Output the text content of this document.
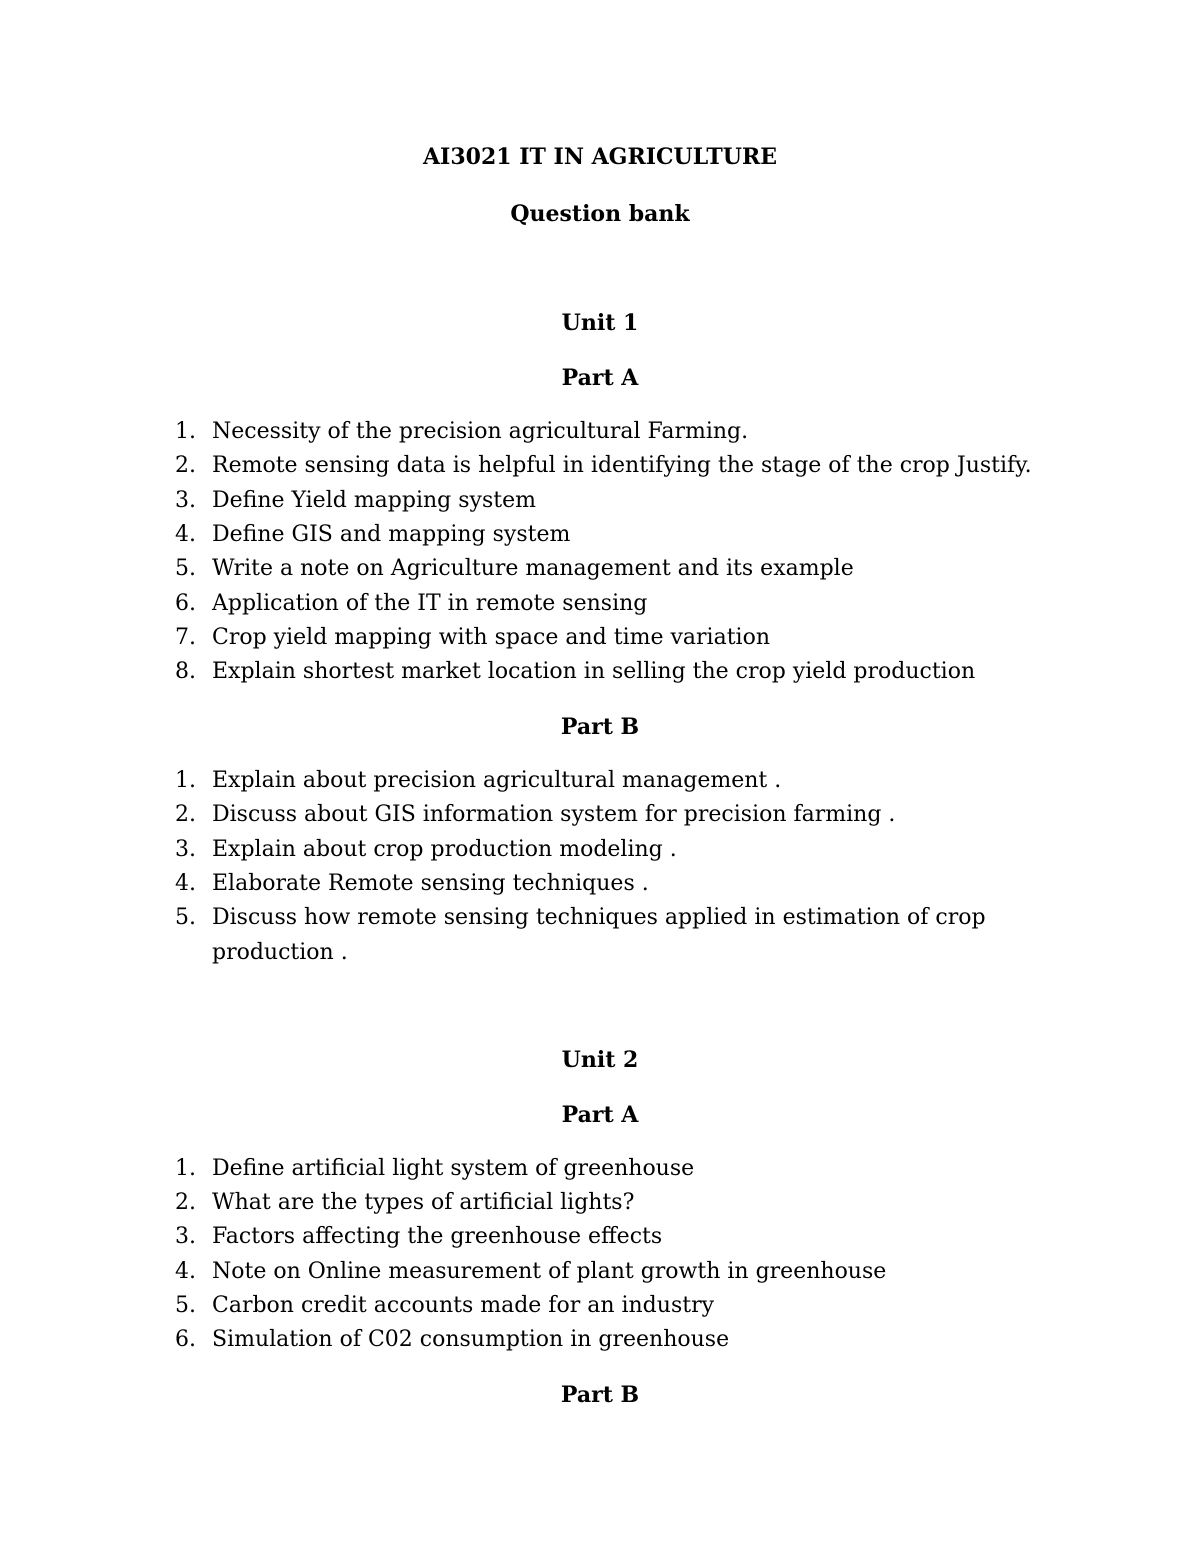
AI3021 IT IN AGRICULTURE
Question bank
Unit 1
Part A
1. Necessity of the precision agricultural Farming.
2. Remote sensing data is helpful in identifying the stage of the crop Justify.
3. Define Yield mapping system
4. Define GIS and mapping system
5. Write a note on Agriculture management and its example
6. Application of the IT in remote sensing
7. Crop yield mapping with space and time variation
8. Explain shortest market location in selling the crop yield production
Part B
1. Explain about precision agricultural management .
2. Discuss about GIS information system for precision farming .
3. Explain about crop production modeling .
4. Elaborate Remote sensing techniques .
5. Discuss how remote sensing techniques applied in estimation of crop
production .
Unit 2
Part A
1. Define artificial light system of greenhouse
2. What are the types of artificial lights?
3. Factors affecting the greenhouse effects
4. Note on Online measurement of plant growth in greenhouse
5. Carbon credit accounts made for an industry
6. Simulation of C02 consumption in greenhouse
Part B
